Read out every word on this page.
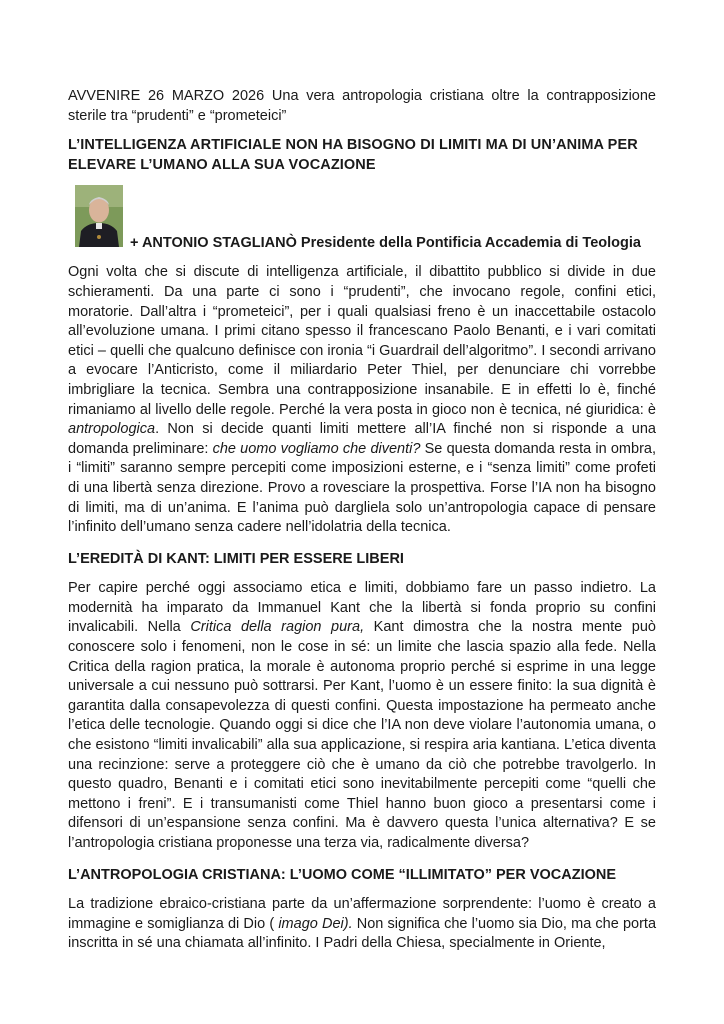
AVVENIRE 26 MARZO 2026 Una vera antropologia cristiana oltre la contrapposizione sterile tra “prudenti” e “prometeici”

L’INTELLIGENZA ARTIFICIALE NON HA BISOGNO DI LIMITI MA DI UN’ANIMA PER ELEVARE L’UMANO ALLA SUA VOCAZIONE
+ ANTONIO STAGLIANÒ Presidente della Pontificia Accademia di Teologia

Ogni volta che si discute di intelligenza artificiale, il dibattito pubblico si divide in due schieramenti. Da una parte ci sono i “prudenti”, che invocano regole, confini etici, moratorie. Dall’altra i “prometeici”, per i quali qualsiasi freno è un inaccettabile ostacolo all’evoluzione umana. I primi citano spesso il francescano Paolo Benanti, e i vari comitati etici – quelli che qualcuno definisce con ironia “i Guardrail dell’algoritmo”. I secondi arrivano a evocare l’Anticristo, come il miliardario Peter Thiel, per denunciare chi vorrebbe imbrigliare la tecnica. Sembra una contrapposizione insanabile. E in effetti lo è, finché rimaniamo al livello delle regole. Perché la vera posta in gioco non è tecnica, né giuridica: è antropologica. Non si decide quanti limiti mettere all’IA finché non si risponde a una domanda preliminare: che uomo vogliamo che diventi? Se questa domanda resta in ombra, i “limiti” saranno sempre percepiti come imposizioni esterne, e i “senza limiti” come profeti di una libertà senza direzione. Provo a rovesciare la prospettiva. Forse l’IA non ha bisogno di limiti, ma di un’anima. E l’anima può dargliela solo un’antropologia capace di pensare l’infinito dell’umano senza cadere nell’idolatria della tecnica.

L’EREDITÀ DI KANT: LIMITI PER ESSERE LIBERI

Per capire perché oggi associamo etica e limiti, dobbiamo fare un passo indietro. La modernità ha imparato da Immanuel Kant che la libertà si fonda proprio su confini invalicabili. Nella Critica della ragion pura, Kant dimostra che la nostra mente può conoscere solo i fenomeni, non le cose in sé: un limite che lascia spazio alla fede. Nella Critica della ragion pratica, la morale è autonoma proprio perché si esprime in una legge universale a cui nessuno può sottrarsi. Per Kant, l’uomo è un essere finito: la sua dignità è garantita dalla consapevolezza di questi confini. Questa impostazione ha permeato anche l’etica delle tecnologie. Quando oggi si dice che l’IA non deve violare l’autonomia umana, o che esistono “limiti invalicabili” alla sua applicazione, si respira aria kantiana. L’etica diventa una recinzione: serve a proteggere ciò che è umano da ciò che potrebbe travolgerlo. In questo quadro, Benanti e i comitati etici sono inevitabilmente percepiti come “quelli che mettono i freni”. E i transumanisti come Thiel hanno buon gioco a presentarsi come i difensori di un’espansione senza confini. Ma è davvero questa l’unica alternativa? E se l’antropologia cristiana proponesse una terza via, radicalmente diversa?

L’ANTROPOLOGIA CRISTIANA: L’UOMO COME “ILLIMITATO” PER VOCAZIONE

La tradizione ebraico-cristiana parte da un’affermazione sorprendente: l’uomo è creato a immagine e somiglianza di Dio ( imago Dei). Non significa che l’uomo sia Dio, ma che porta inscritta in sé una chiamata all’infinito. I Padri della Chiesa, specialmente in Oriente,
